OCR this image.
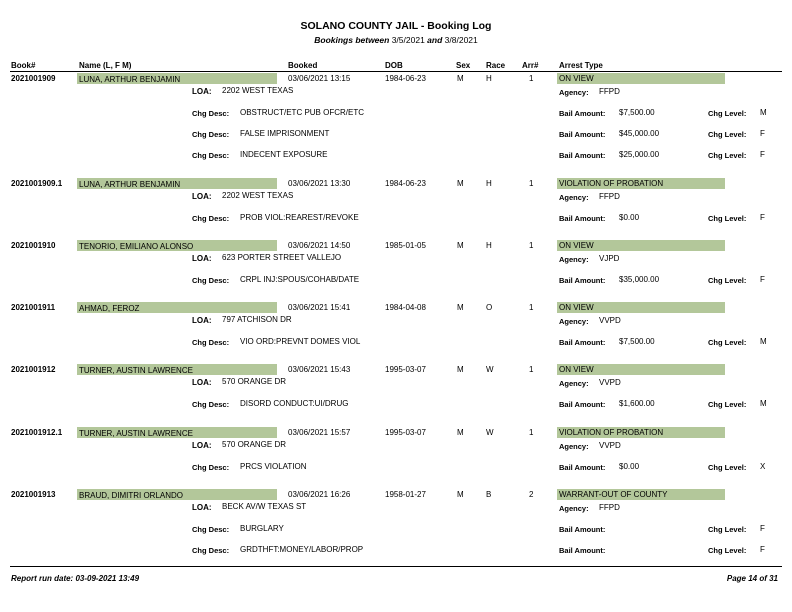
SOLANO COUNTY JAIL - Booking Log
Bookings between 3/5/2021 and 3/8/2021
Book#	Name (L, F M)	Booked	DOB	Sex Race Arr#	Arrest Type
2021001909	LUNA, ARTHUR BENJAMIN	03/06/2021 13:15	1984-06-23	M	H	1	ON VIEW
LOA: 2202 WEST TEXAS	Agency: FFPD
Chg Desc: OBSTRUCT/ETC PUB OFCR/ETC	Bail Amount: $7,500.00	Chg Level: M
Chg Desc: FALSE IMPRISONMENT	Bail Amount: $45,000.00	Chg Level: F
Chg Desc: INDECENT EXPOSURE	Bail Amount: $25,000.00	Chg Level: F
2021001909.1 LUNA, ARTHUR BENJAMIN	03/06/2021 13:30	1984-06-23	M	H	1	VIOLATION OF PROBATION
LOA: 2202 WEST TEXAS	Agency: FFPD
Chg Desc: PROB VIOL:REAREST/REVOKE	Bail Amount: $0.00	Chg Level: F
2021001910	TENORIO, EMILIANO ALONSO	03/06/2021 14:50	1985-01-05	M	H	1	ON VIEW
LOA: 623 PORTER STREET VALLEJO	Agency: VJPD
Chg Desc: CRPL INJ:SPOUS/COHAB/DATE	Bail Amount: $35,000.00	Chg Level: F
2021001911	AHMAD, FEROZ	03/06/2021 15:41	1984-04-08	M	O	1	ON VIEW
LOA: 797 ATCHISON DR	Agency: VVPD
Chg Desc: VIO ORD:PREVNT DOMES VIOL	Bail Amount: $7,500.00	Chg Level: M
2021001912	TURNER, AUSTIN LAWRENCE	03/06/2021 15:43	1995-03-07	M	W	1	ON VIEW
LOA: 570 ORANGE DR	Agency: VVPD
Chg Desc: DISORD CONDUCT:UI/DRUG	Bail Amount: $1,600.00	Chg Level: M
2021001912.1 TURNER, AUSTIN LAWRENCE	03/06/2021 15:57	1995-03-07	M	W	1	VIOLATION OF PROBATION
LOA: 570 ORANGE DR	Agency: VVPD
Chg Desc: PRCS VIOLATION	Bail Amount: $0.00	Chg Level: X
2021001913	BRAUD, DIMITRI ORLANDO	03/06/2021 16:26	1958-01-27	M	B	2	WARRANT-OUT OF COUNTY
LOA: BECK AV/W TEXAS ST	Agency: FFPD
Chg Desc: BURGLARY	Bail Amount:	Chg Level: F
Chg Desc: GRDTHFT:MONEY/LABOR/PROP	Bail Amount:	Chg Level: F
Report run date: 03-09-2021 13:49	Page 14 of 31
